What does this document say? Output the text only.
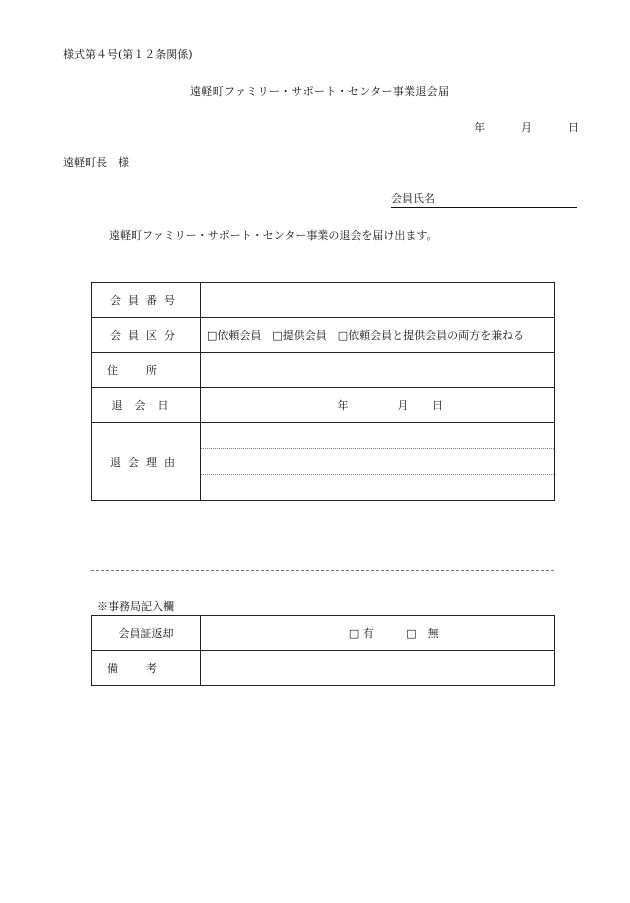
様式第４号(第１２条関係)
遠軽町ファミリー・サポート・センター事業退会届
年	月	日
遠軽町長　様
会員氏名
遠軽町ファミリー・サポート・センター事業の退会を届け出ます。
会員番号	
会員区分	□依頼会員　□提供会員　□依頼会員と提供会員の両方を兼ねる
住所	
退会日	年 月 日
退会理由	
※事務局記入欄
会員証返却	□ 有 □　無
備考	
